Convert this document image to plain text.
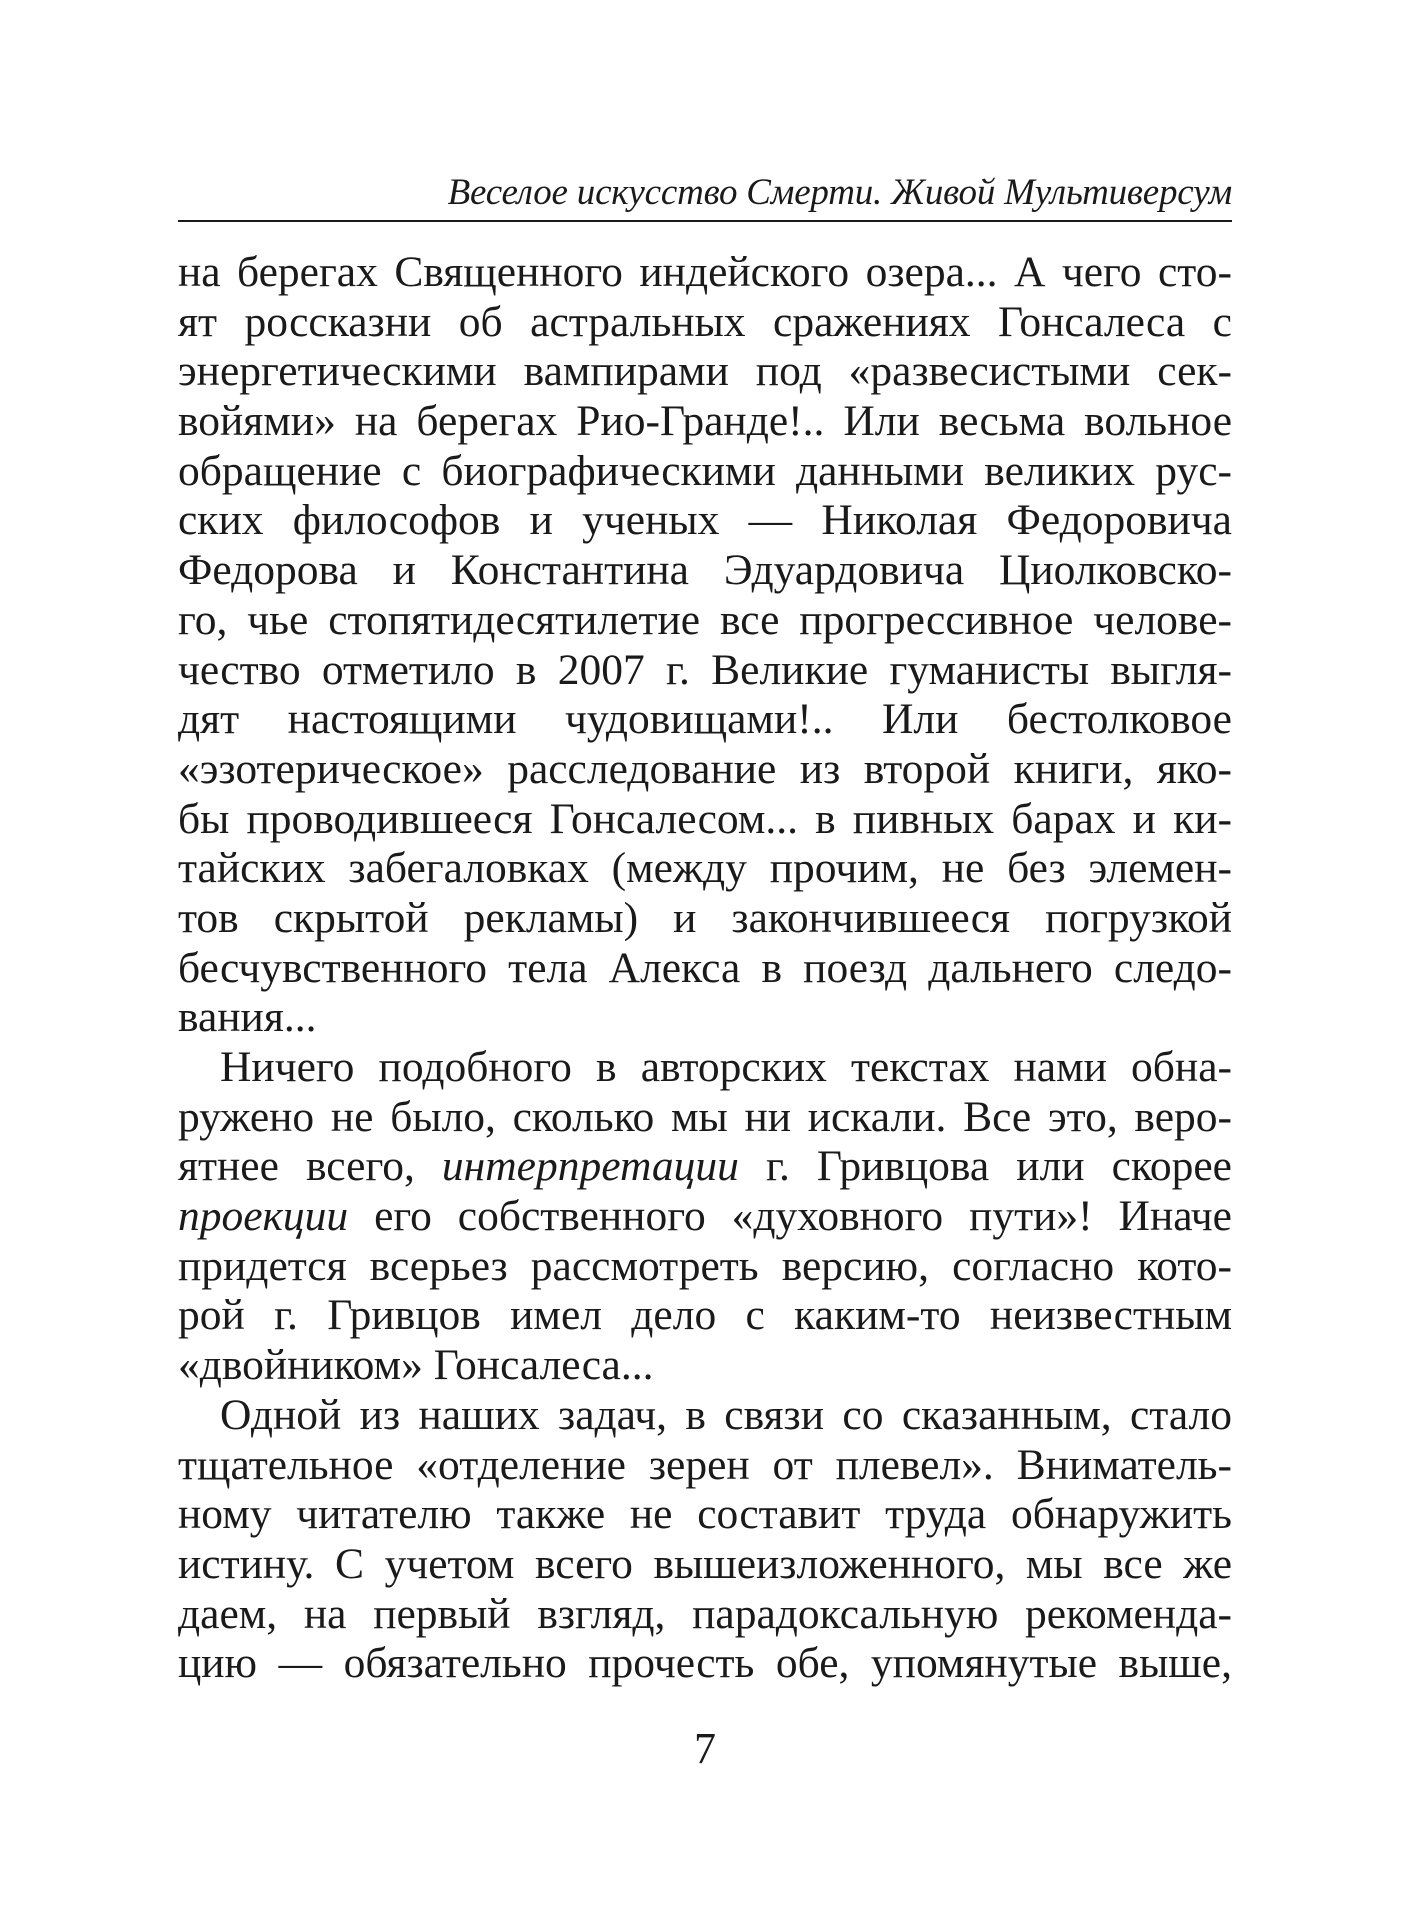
Веселое искусство Смерти. Живой Мультиверсум
на берегах Священного индейского озера... А чего сто-
ят россказни об астральных сражениях Гонсалеса с
энергетическими вампирами под «развесистыми сек-
войями» на берегах Рио-Гранде!.. Или весьма вольное
обращение с биографическими данными великих рус-
ских философов и ученых — Николая Федоровича
Федорова и Константина Эдуардовича Циолковско-
го, чье стопятидесятилетие все прогрессивное челове-
чество отметило в 2007 г. Великие гуманисты выгля-
дят настоящими чудовищами!.. Или бестолковое
«эзотерическое» расследование из второй книги, яко-
бы проводившееся Гонсалесом... в пивных барах и ки-
тайских забегаловках (между прочим, не без элемен-
тов скрытой рекламы) и закончившееся погрузкой
бесчувственного тела Алекса в поезд дальнего следо-
вания...
Ничего подобного в авторских текстах нами обна-
ружено не было, сколько мы ни искали. Все это, веро-
ятнее всего, интерпретации г. Гривцова или скорее
проекции его собственного «духовного пути»! Иначе
придется всерьез рассмотреть версию, согласно кото-
рой г. Гривцов имел дело с каким-то неизвестным
«двойником» Гонсалеса...
Одной из наших задач, в связи со сказанным, стало
тщательное «отделение зерен от плевел». Вниматель-
ному читателю также не составит труда обнаружить
истину. С учетом всего вышеизложенного, мы все же
даем, на первый взгляд, парадоксальную рекоменда-
цию — обязательно прочесть обе, упомянутые выше,
7
